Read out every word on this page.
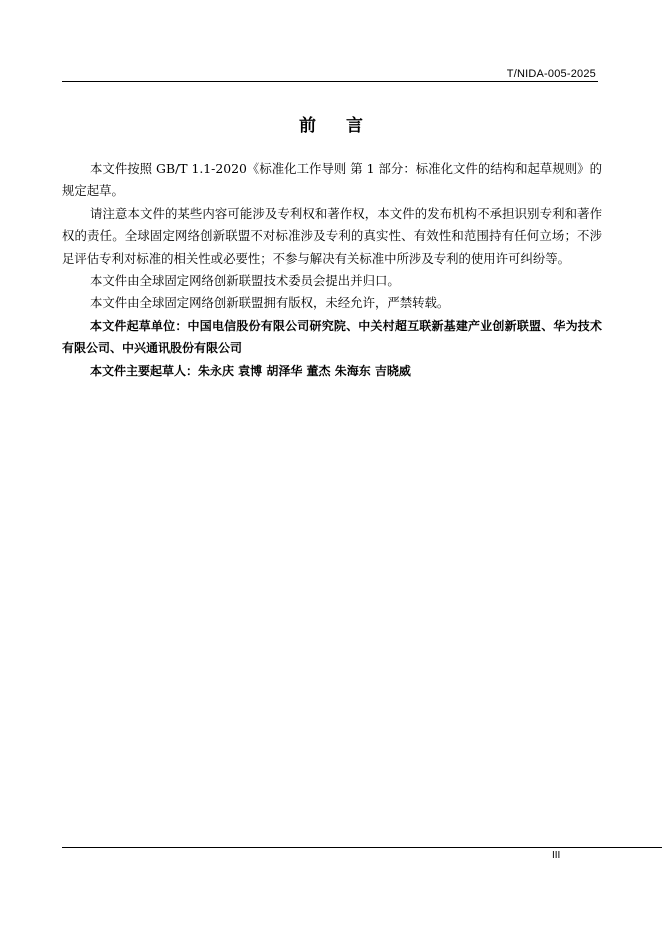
T/NIDA-005-2025
前 言

本文件按照 GB/T 1.1-2020《标准化工作导则 第 1 部分：标准化文件的结构和起草规则》的规定起草。

请注意本文件的某些内容可能涉及专利权和著作权，本文件的发布机构不承担识别专利和著作权的责任。全球固定网络创新联盟不对标准涉及专利的真实性、有效性和范围持有任何立场；不涉足评估专利对标准的相关性或必要性；不参与解决有关标准中所涉及专利的使用许可纠纷等。

本文件由全球固定网络创新联盟技术委员会提出并归口。

本文件由全球固定网络创新联盟拥有版权，未经允许，严禁转载。

本文件起草单位：中国电信股份有限公司研究院、中关村超互联新基建产业创新联盟、华为技术有限公司、中兴通讯股份有限公司

本文件主要起草人：朱永庆 袁博 胡泽华 董杰 朱海东 吉晓威

III
